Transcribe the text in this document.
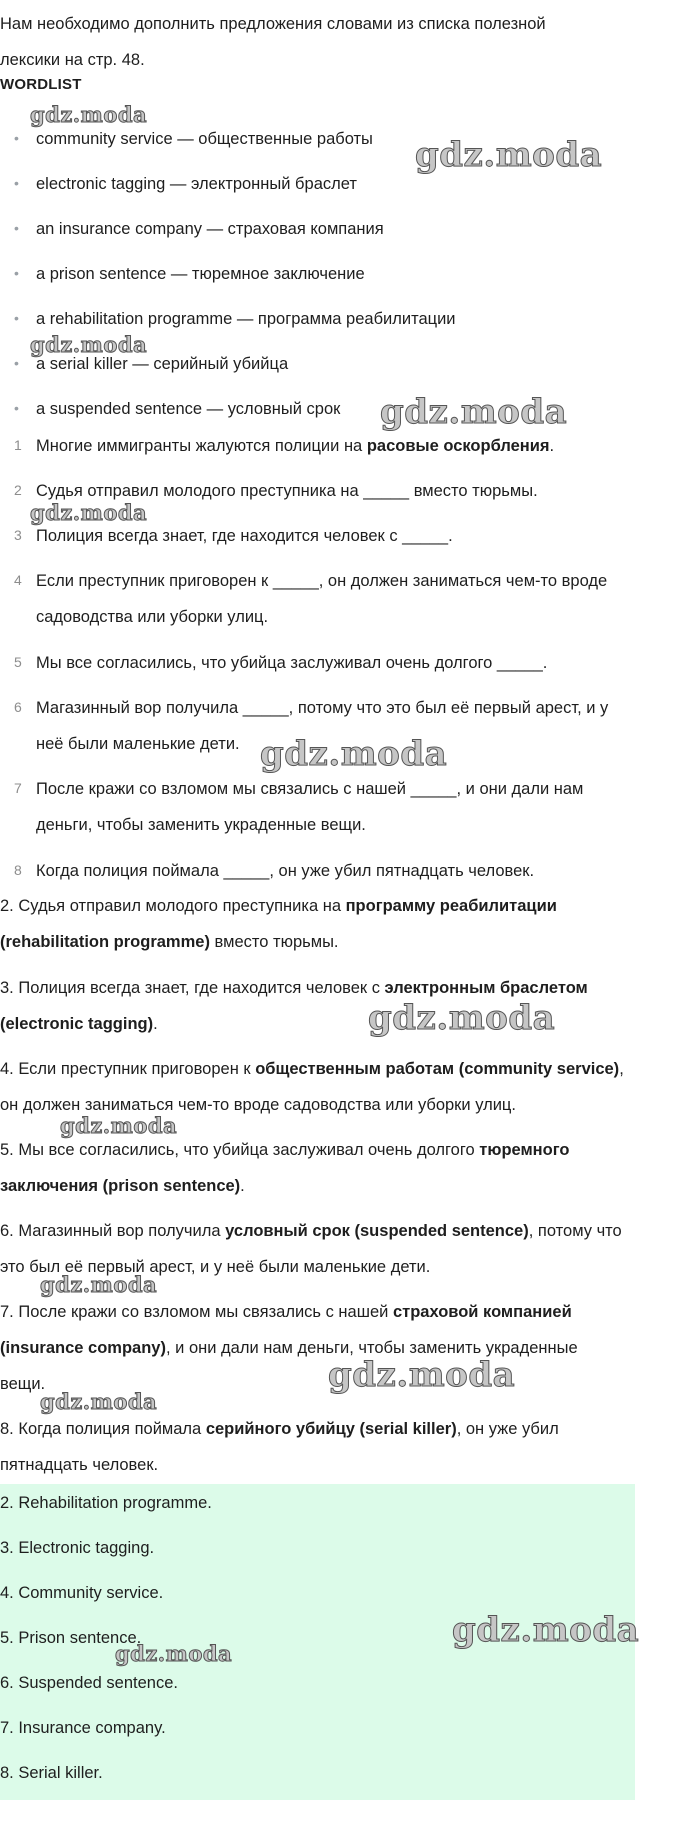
Нам необходимо дополнить предложения словами из списка полезной

лексики на стр. 48.

WORDLIST
• community service — общественные работы
• electronic tagging — электронный браслет
• an insurance company — страховая компания
• a prison sentence — тюремное заключение
• a rehabilitation programme — программа реабилитации
• a serial killer — серийный убийца
• a suspended sentence — условный срок
1 Многие иммигранты жалуются полиции на расовые оскорбления.
2 Судья отправил молодого преступника на _____ вместо тюрьмы.
3 Полиция всегда знает, где находится человек с _____.
4 Если преступник приговорен к _____, он должен заниматься чем-то вроде
садоводства или уборки улиц.
5 Мы все согласились, что убийца заслуживал очень долгого _____.
6 Магазинный вор получила _____, потому что это был её первый арест, и у
неё были маленькие дети.
7 После кражи со взломом мы связались с нашей _____, и они дали нам
деньги, чтобы заменить украденные вещи.
8 Когда полиция поймала _____, он уже убил пятнадцать человек.

2. Судья отправил молодого преступника на программу реабилитации

(rehabilitation programme) вместо тюрьмы.

3. Полиция всегда знает, где находится человек с электронным браслетом

(electronic tagging).

4. Если преступник приговорен к общественным работам (community service),

он должен заниматься чем-то вроде садоводства или уборки улиц.

5. Мы все согласились, что убийца заслуживал очень долгого тюремного

заключения (prison sentence).

6. Магазинный вор получила условный срок (suspended sentence), потому что

это был её первый арест, и у неё были маленькие дети.

7. После кражи со взломом мы связались с нашей страховой компанией

(insurance company), и они дали нам деньги, чтобы заменить украденные

вещи.

8. Когда полиция поймала серийного убийцу (serial killer), он уже убил

пятнадцать человек.

2. Rehabilitation programme.
3. Electronic tagging.
4. Community service.
5. Prison sentence.
6. Suspended sentence.
7. Insurance company.
8. Serial killer.
gdz.moda
gdz.moda
gdz.moda
gdz.moda
gdz.moda
gdz.moda
gdz.moda
gdz.moda
gdz.moda
gdz.moda
gdz.moda
gdz.moda
gdz.moda
